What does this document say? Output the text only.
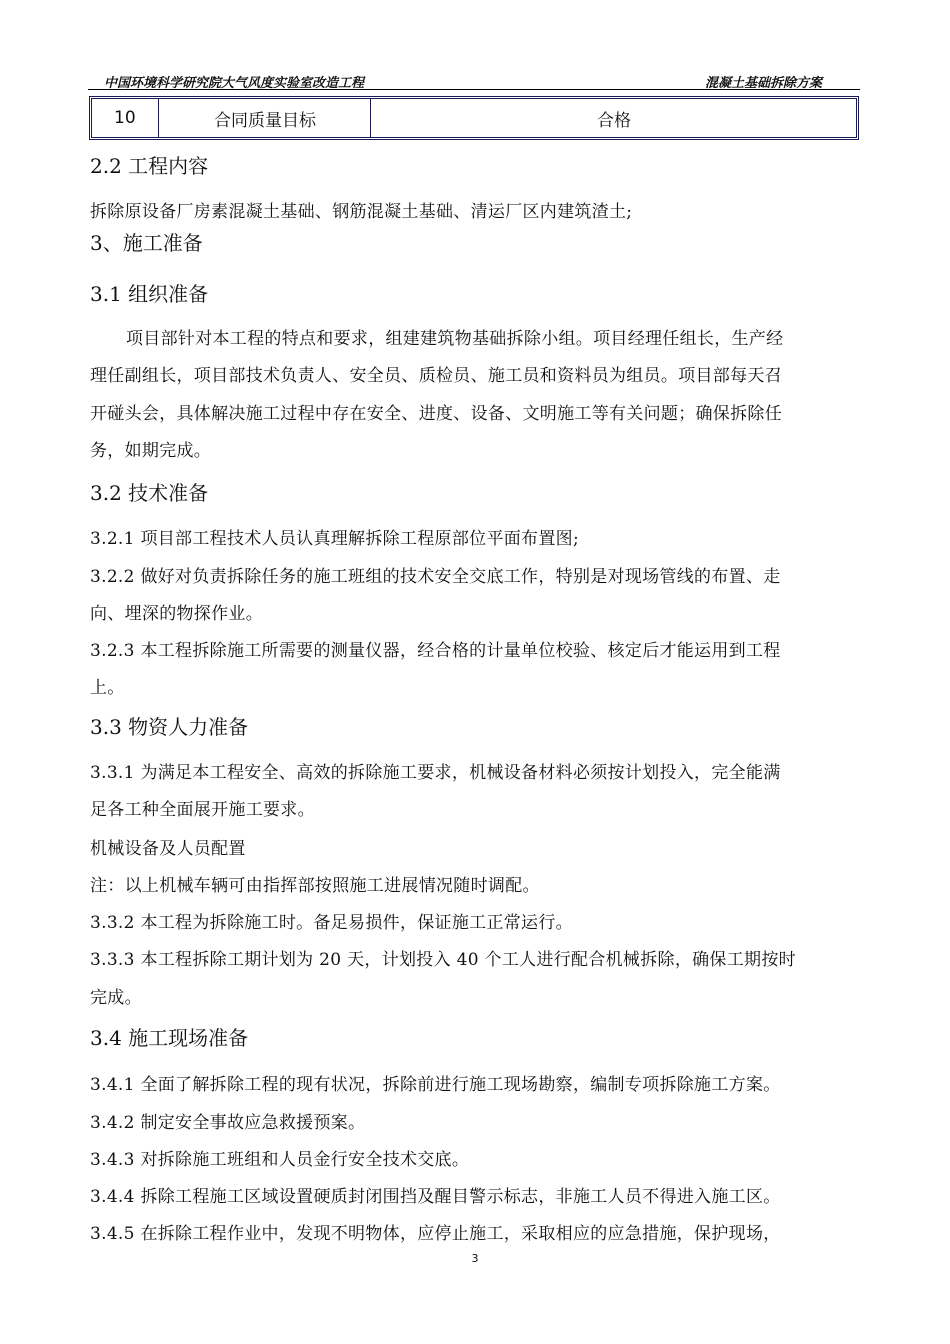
中国环境科学研究院大气风度实验室改造工程	混凝土基础拆除方案
10	合同质量目标	合格
2.2 工程内容
拆除原设备厂房素混凝土基础、钢筋混凝土基础、清运厂区内建筑渣土;
3、施工准备
3.1 组织准备
项目部针对本工程的特点和要求，组建建筑物基础拆除小组。项目经理任组长，生产经
理任副组长，项目部技术负责人、安全员、质检员、施工员和资料员为组员。项目部每天召
开碰头会，具体解决施工过程中存在安全、进度、设备、文明施工等有关问题；确保拆除任
务，如期完成。
3.2 技术准备
3.2.1 项目部工程技术人员认真理解拆除工程原部位平面布置图;
3.2.2 做好对负责拆除任务的施工班组的技术安全交底工作，特别是对现场管线的布置、走
向、埋深的物探作业。
3.2.3 本工程拆除施工所需要的测量仪器，经合格的计量单位校验、核定后才能运用到工程
上。
3.3 物资人力准备
3.3.1 为满足本工程安全、高效的拆除施工要求，机械设备材料必须按计划投入，完全能满
足各工种全面展开施工要求。
机械设备及人员配置
注：以上机械车辆可由指挥部按照施工进展情况随时调配。
3.3.2 本工程为拆除施工时。备足易损件，保证施工正常运行。
3.3.3 本工程拆除工期计划为 20 天，计划投入 40 个工人进行配合机械拆除，确保工期按时
完成。
3.4 施工现场准备
3.4.1 全面了解拆除工程的现有状况，拆除前进行施工现场勘察，编制专项拆除施工方案。
3.4.2 制定安全事故应急救援预案。
3.4.3 对拆除施工班组和人员金行安全技术交底。
3.4.4 拆除工程施工区域设置硬质封闭围挡及醒目警示标志，非施工人员不得进入施工区。
3.4.5 在拆除工程作业中，发现不明物体，应停止施工，采取相应的应急措施，保护现场，
3
